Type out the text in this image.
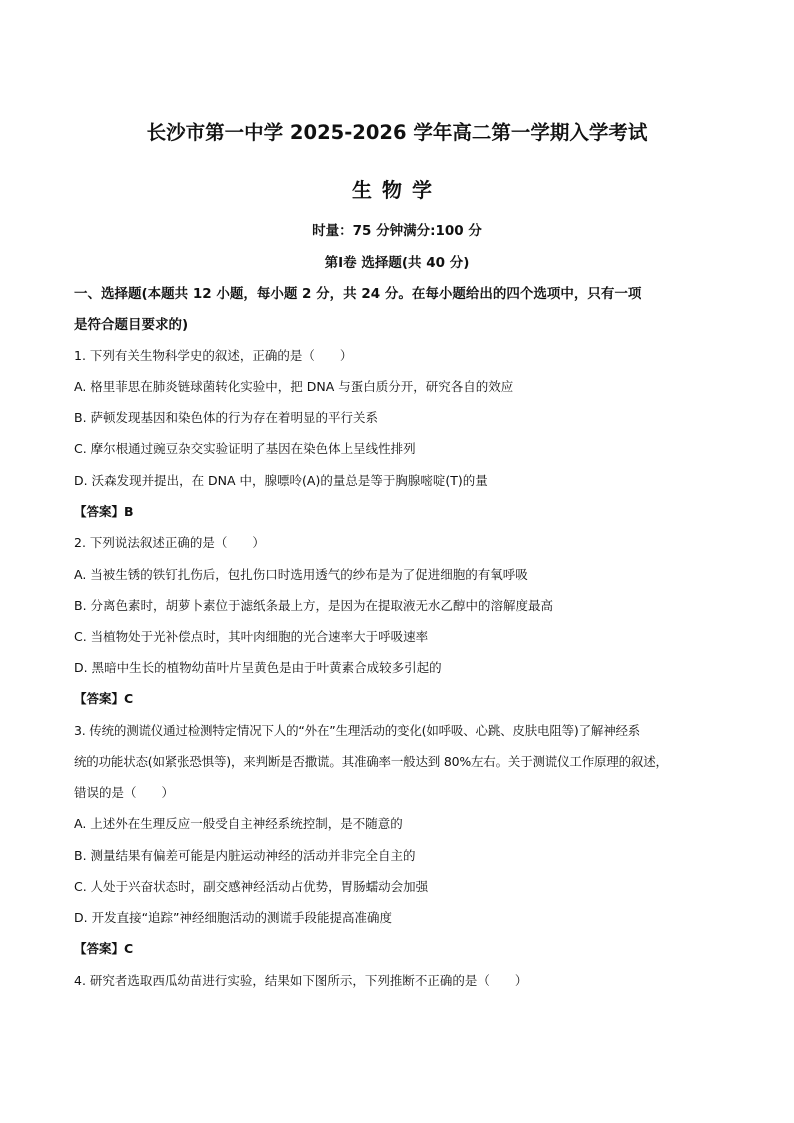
长沙市第一中学 2025-2026 学年高二第一学期入学考试
生物学
时量：75 分钟满分:100 分
第Ⅰ卷 选择题(共 40 分)
一、选择题(本题共 12 小题，每小题 2 分，共 24 分。在每小题给出的四个选项中，只有一项
是符合题目要求的)
1. 下列有关生物科学史的叙述，正确的是（　　）
A. 格里菲思在肺炎链球菌转化实验中，把 DNA 与蛋白质分开，研究各自的效应
B. 萨顿发现基因和染色体的行为存在着明显的平行关系
C. 摩尔根通过豌豆杂交实验证明了基因在染色体上呈线性排列
D. 沃森发现并提出，在 DNA 中，腺嘌呤(A)的量总是等于胸腺嘧啶(T)的量
【答案】B
2. 下列说法叙述正确的是（　　）
A. 当被生锈的铁钉扎伤后，包扎伤口时选用透气的纱布是为了促进细胞的有氧呼吸
B. 分离色素时，胡萝卜素位于滤纸条最上方，是因为在提取液无水乙醇中的溶解度最高
C. 当植物处于光补偿点时，其叶肉细胞的光合速率大于呼吸速率
D. 黑暗中生长的植物幼苗叶片呈黄色是由于叶黄素合成较多引起的
【答案】C
3. 传统的测谎仪通过检测特定情况下人的“外在”生理活动的变化(如呼吸、心跳、皮肤电阻等)了解神经系
统的功能状态(如紧张恐惧等)，来判断是否撒谎。其准确率一般达到 80%左右。关于测谎仪工作原理的叙述，
错误的是（　　）
A. 上述外在生理反应一般受自主神经系统控制，是不随意的
B. 测量结果有偏差可能是内脏运动神经的活动并非完全自主的
C. 人处于兴奋状态时，副交感神经活动占优势，胃肠蠕动会加强
D. 开发直接“追踪”神经细胞活动的测谎手段能提高准确度
【答案】C
4. 研究者选取西瓜幼苗进行实验，结果如下图所示，下列推断不正确的是（　　）
